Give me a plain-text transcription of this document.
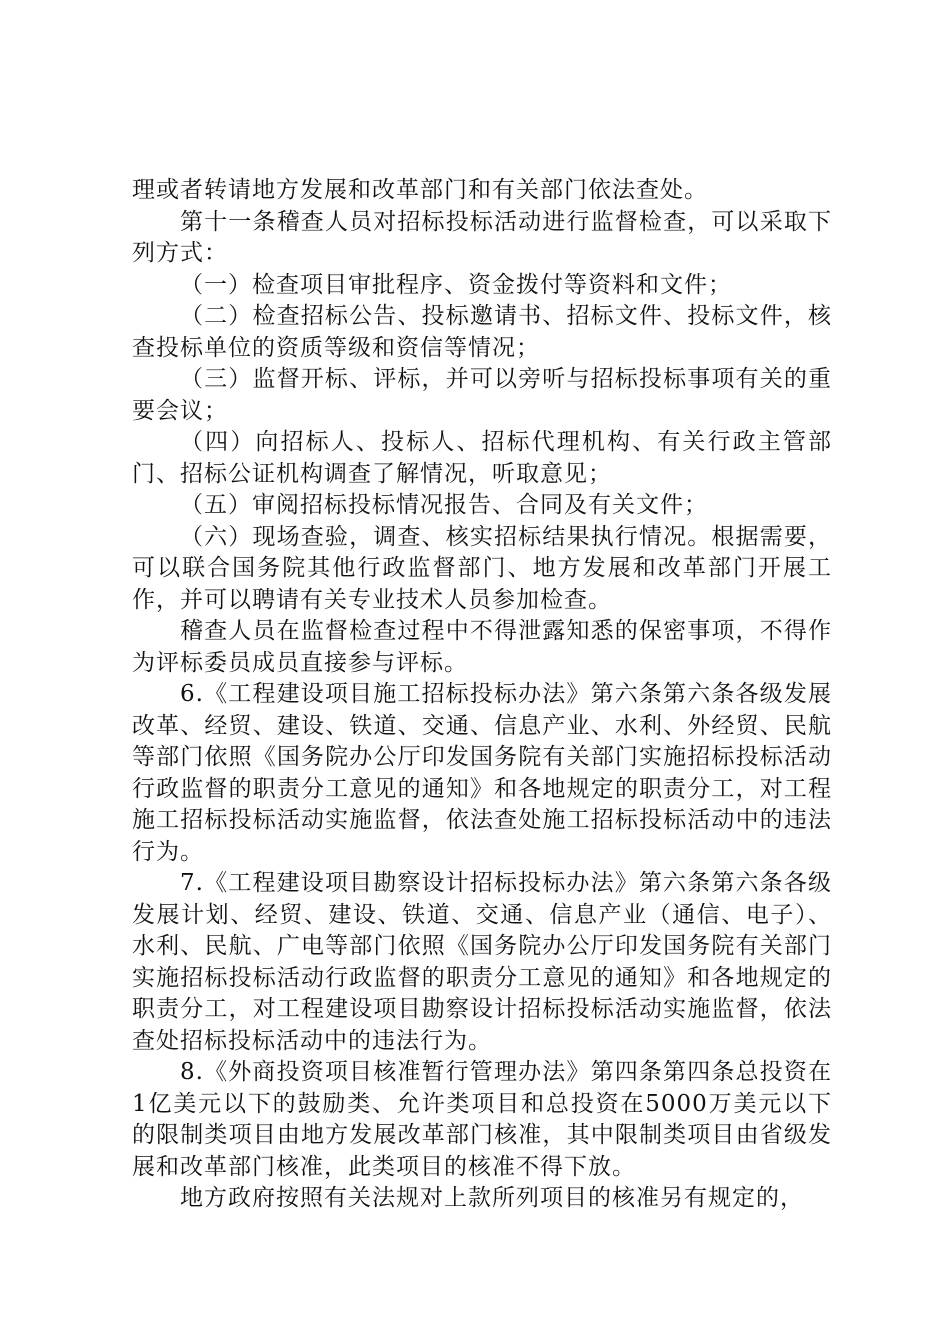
理或者转请地方发展和改革部门和有关部门依法查处。

第十一条稽查人员对招标投标活动进行监督检查，可以采取下列方式：

（一）检查项目审批程序、资金拨付等资料和文件；

（二）检查招标公告、投标邀请书、招标文件、投标文件，核查投标单位的资质等级和资信等情况；

（三）监督开标、评标，并可以旁听与招标投标事项有关的重要会议；

（四）向招标人、投标人、招标代理机构、有关行政主管部门、招标公证机构调查了解情况，听取意见；

（五）审阅招标投标情况报告、合同及有关文件；

（六）现场查验，调查、核实招标结果执行情况。根据需要，可以联合国务院其他行政监督部门、地方发展和改革部门开展工作，并可以聘请有关专业技术人员参加检查。

稽查人员在监督检查过程中不得泄露知悉的保密事项，不得作为评标委员成员直接参与评标。

6.《工程建设项目施工招标投标办法》第六条第六条各级发展改革、经贸、建设、铁道、交通、信息产业、水利、外经贸、民航等部门依照《国务院办公厅印发国务院有关部门实施招标投标活动行政监督的职责分工意见的通知》和各地规定的职责分工，对工程施工招标投标活动实施监督，依法查处施工招标投标活动中的违法行为。

7.《工程建设项目勘察设计招标投标办法》第六条第六条各级发展计划、经贸、建设、铁道、交通、信息产业（通信、电子）、水利、民航、广电等部门依照《国务院办公厅印发国务院有关部门实施招标投标活动行政监督的职责分工意见的通知》和各地规定的职责分工，对工程建设项目勘察设计招标投标活动实施监督，依法查处招标投标活动中的违法行为。

8.《外商投资项目核准暂行管理办法》第四条第四条总投资在1亿美元以下的鼓励类、允许类项目和总投资在5000万美元以下的限制类项目由地方发展改革部门核准，其中限制类项目由省级发展和改革部门核准，此类项目的核准不得下放。

地方政府按照有关法规对上款所列项目的核准另有规定的，
